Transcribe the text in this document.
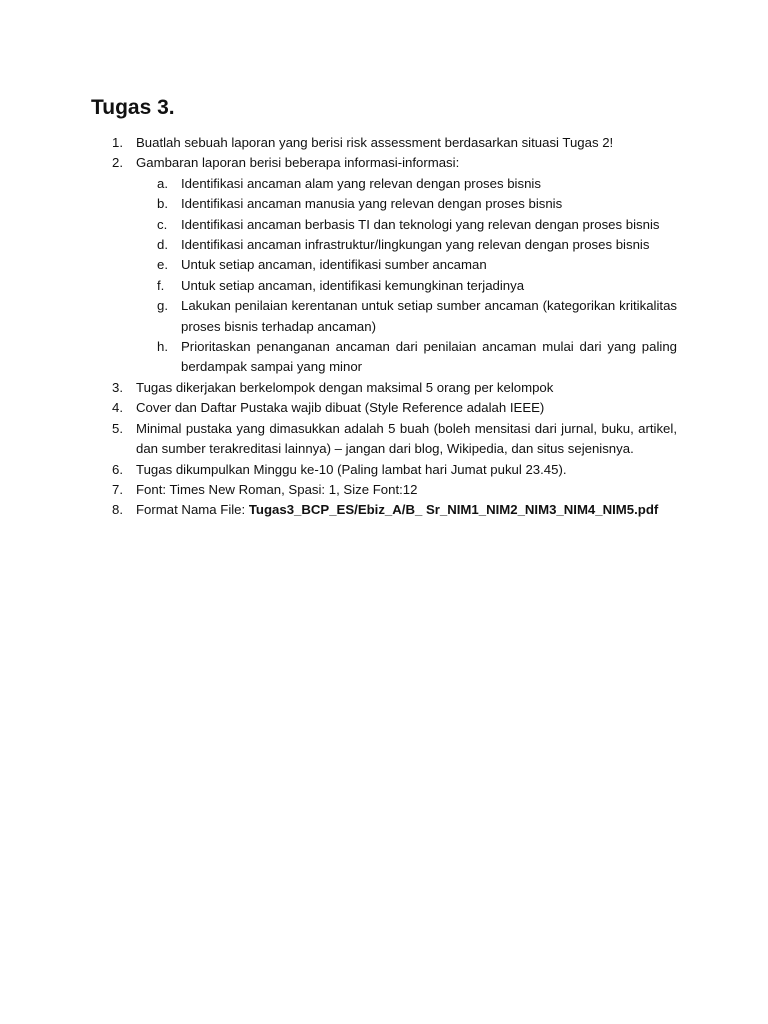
Tugas 3.
1. Buatlah sebuah laporan yang berisi risk assessment berdasarkan situasi Tugas 2!
2. Gambaran laporan berisi beberapa informasi-informasi:
a. Identifikasi ancaman alam yang relevan dengan proses bisnis
b. Identifikasi ancaman manusia yang relevan dengan proses bisnis
c. Identifikasi ancaman berbasis TI dan teknologi yang relevan dengan proses bisnis
d. Identifikasi ancaman infrastruktur/lingkungan yang relevan dengan proses bisnis
e. Untuk setiap ancaman, identifikasi sumber ancaman
f. Untuk setiap ancaman, identifikasi kemungkinan terjadinya
g. Lakukan penilaian kerentanan untuk setiap sumber ancaman (kategorikan kritikalitas proses bisnis terhadap ancaman)
h. Prioritaskan penanganan ancaman dari penilaian ancaman mulai dari yang paling berdampak sampai yang minor
3. Tugas dikerjakan berkelompok dengan maksimal 5 orang per kelompok
4. Cover dan Daftar Pustaka wajib dibuat (Style Reference adalah IEEE)
5. Minimal pustaka yang dimasukkan adalah 5 buah (boleh mensitasi dari jurnal, buku, artikel, dan sumber terakreditasi lainnya) – jangan dari blog, Wikipedia, dan situs sejenisnya.
6. Tugas dikumpulkan Minggu ke-10 (Paling lambat hari Jumat pukul 23.45).
7. Font: Times New Roman, Spasi: 1, Size Font:12
8. Format Nama File: Tugas3_BCP_ES/Ebiz_A/B_ Sr_NIM1_NIM2_NIM3_NIM4_NIM5.pdf
